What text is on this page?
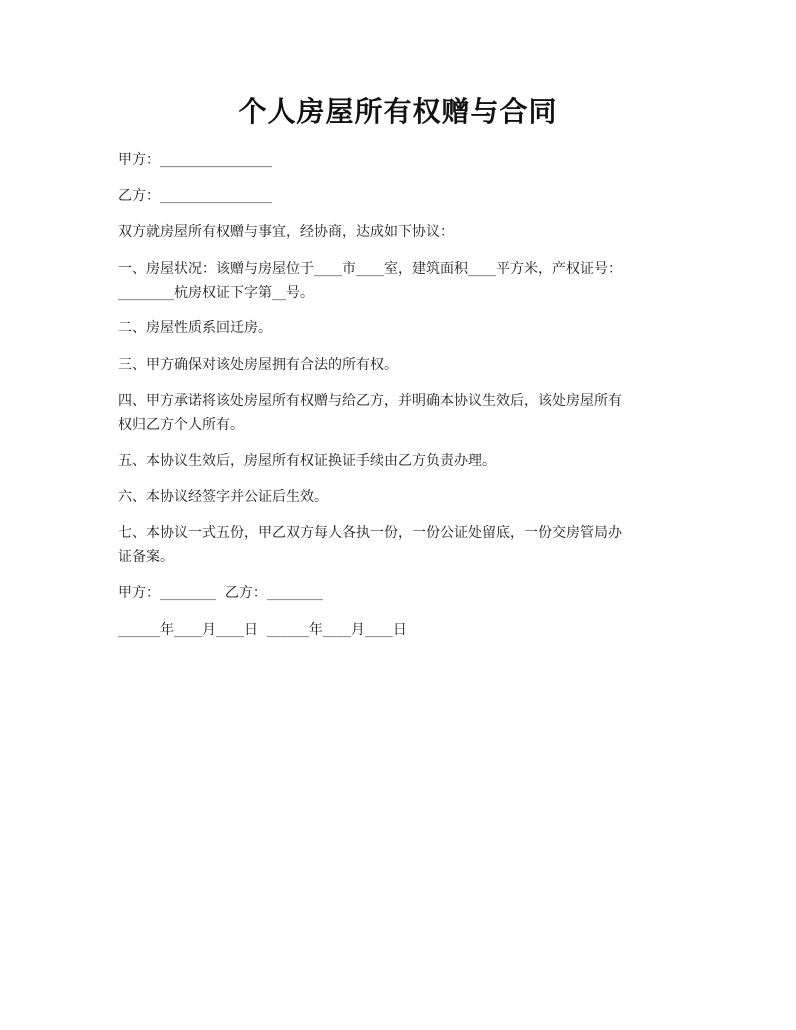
个人房屋所有权赠与合同
甲方：________________
乙方：________________
双方就房屋所有权赠与事宜，经协商，达成如下协议：
一、房屋状况：该赠与房屋位于____市____室，建筑面积____平方米，产权证号：
________杭房权证下字第__号。
二、房屋性质系回迁房。
三、甲方确保对该处房屋拥有合法的所有权。
四、甲方承诺将该处房屋所有权赠与给乙方，并明确本协议生效后，该处房屋所有
权归乙方个人所有。
五、本协议生效后，房屋所有权证换证手续由乙方负责办理。
六、本协议经签字并公证后生效。
七、本协议一式五份，甲乙双方每人各执一份，一份公证处留底，一份交房管局办
证备案。
甲方：________  乙方：________
______年____月____日  ______年____月____日
